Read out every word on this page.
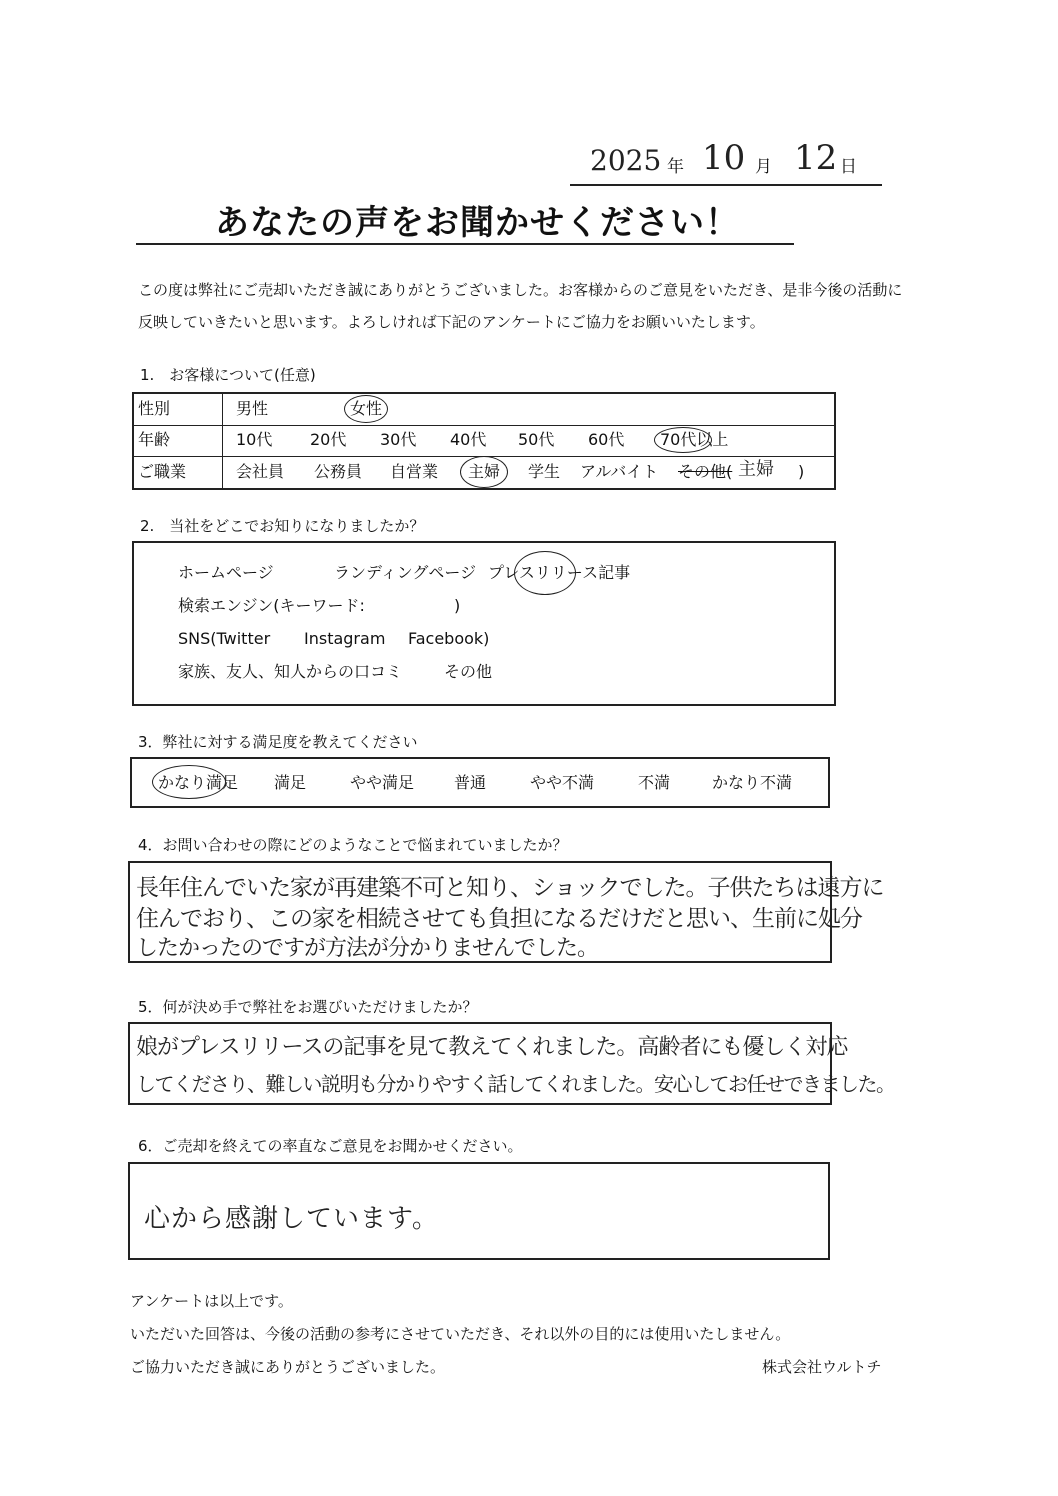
2025 年 10 月 12 日
あなたの声をお聞かせください！
この度は弊社にご売却いただき誠にありがとうございました。お客様からのご意見をいただき、是非今後の活動に
反映していきたいと思います。よろしければ下記のアンケートにご協力をお願いいたします。
1.　お客様について(任意)
性別	男性	女性
年齢	10代 20代 30代 40代 50代 60代 70代以上
ご職業	会社員 公務員 自営業 主婦 学生 アルバイト その他( 主婦 )
2.　当社をどこでお知りになりましたか？
ホームページ	ランディングページ プレスリリース記事
検索エンジン(キーワード:	)
SNS(Twitter Instagram Facebook)
家族、友人、知人からの口コミ	その他
3．弊社に対する満足度を教えてください
かなり満足 満足	やや満足 普通	やや不満	不満	かなり不満
4．お問い合わせの際にどのようなことで悩まれていましたか？
長年住んでいた家が再建築不可と知り、ショックでした。子供たちは遠方に
住んでおり、この家を相続させても負担になるだけだと思い、生前に処分
したかったのですが方法が分かりませんでした。
5．何が決め手で弊社をお選びいただけましたか？
娘がプレスリリースの記事を見て教えてくれました。高齢者にも優しく対応
してくださり、難しい説明も分かりやすく話してくれました。安心してお任せできました。
6．ご売却を終えての率直なご意見をお聞かせください。
心から感謝しています。
アンケートは以上です。
いただいた回答は、今後の活動の参考にさせていただき、それ以外の目的には使用いたしません。
ご協力いただき誠にありがとうございました。	株式会社ウルトチ
